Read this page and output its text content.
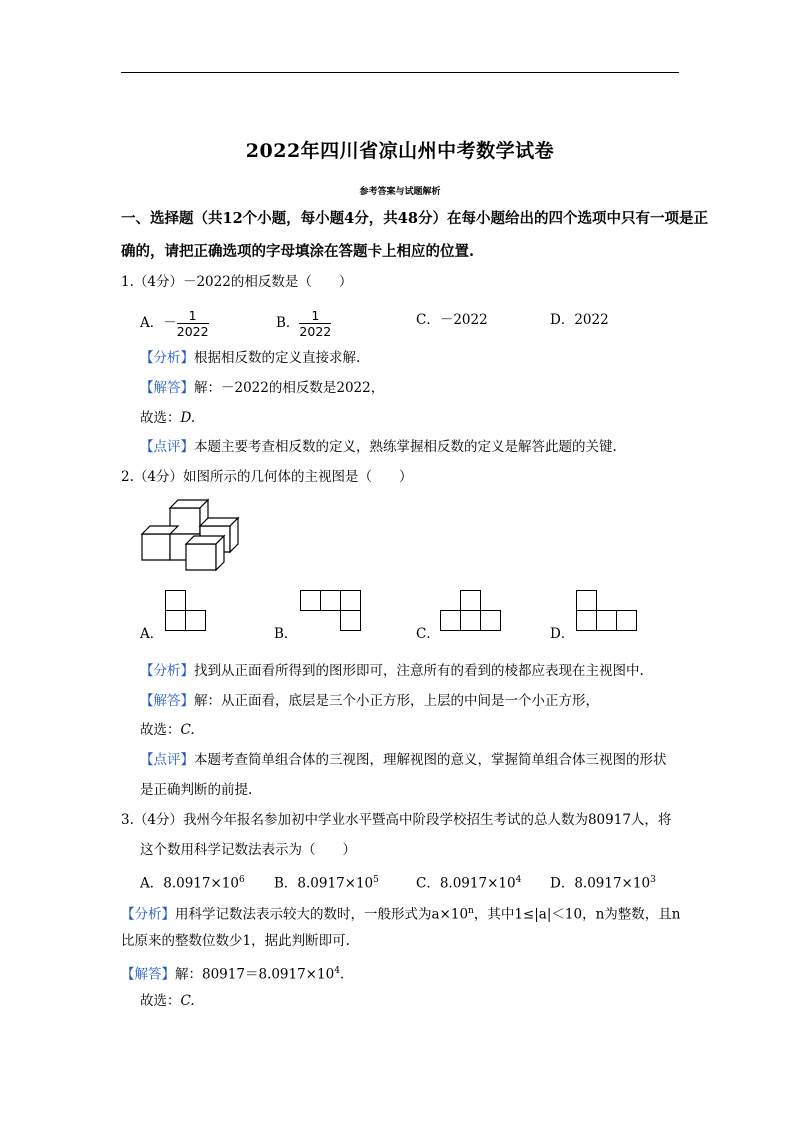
2022年四川省凉山州中考数学试卷
参考答案与试题解析
一、选择题（共12个小题，每小题4分，共48分）在每小题给出的四个选项中只有一项是正
确的，请把正确选项的字母填涂在答题卡上相应的位置.
1.（4分）－2022的相反数是（　　）
A．－ $\frac{1}{2022}$	B． $\frac{1}{2022}$	C．－2022	D．2022
【分析】根据相反数的定义直接求解.
【解答】解：－2022的相反数是2022，
故选：D.
【点评】本题主要考查相反数的定义，熟练掌握相反数的定义是解答此题的关键.
2.（4分）如图所示的几何体的主视图是（　　）
A．	B．	C．	D．
【分析】找到从正面看所得到的图形即可，注意所有的看到的棱都应表现在主视图中.
【解答】解：从正面看，底层是三个小正方形，上层的中间是一个小正方形，
故选：C.
【点评】本题考查简单组合体的三视图，理解视图的意义，掌握简单组合体三视图的形状
是正确判断的前提.
3.（4分）我州今年报名参加初中学业水平暨高中阶段学校招生考试的总人数为80917人，将
这个数用科学记数法表示为（　　）
A．$8.0917\times 10^6$ B．$8.0917\times 10^5$	C．$8.0917\times 10^4$ D．$8.0917\times 10^3$
【分析】用科学记数法表示较大的数时，一般形式为$a\times 10^n$，其中1≤|a|＜10，n为整数，且n
比原来的整数位数少1，据此判断即可.
【解答】解：$80917=8.0917\times 10^4$.
故选：C.
